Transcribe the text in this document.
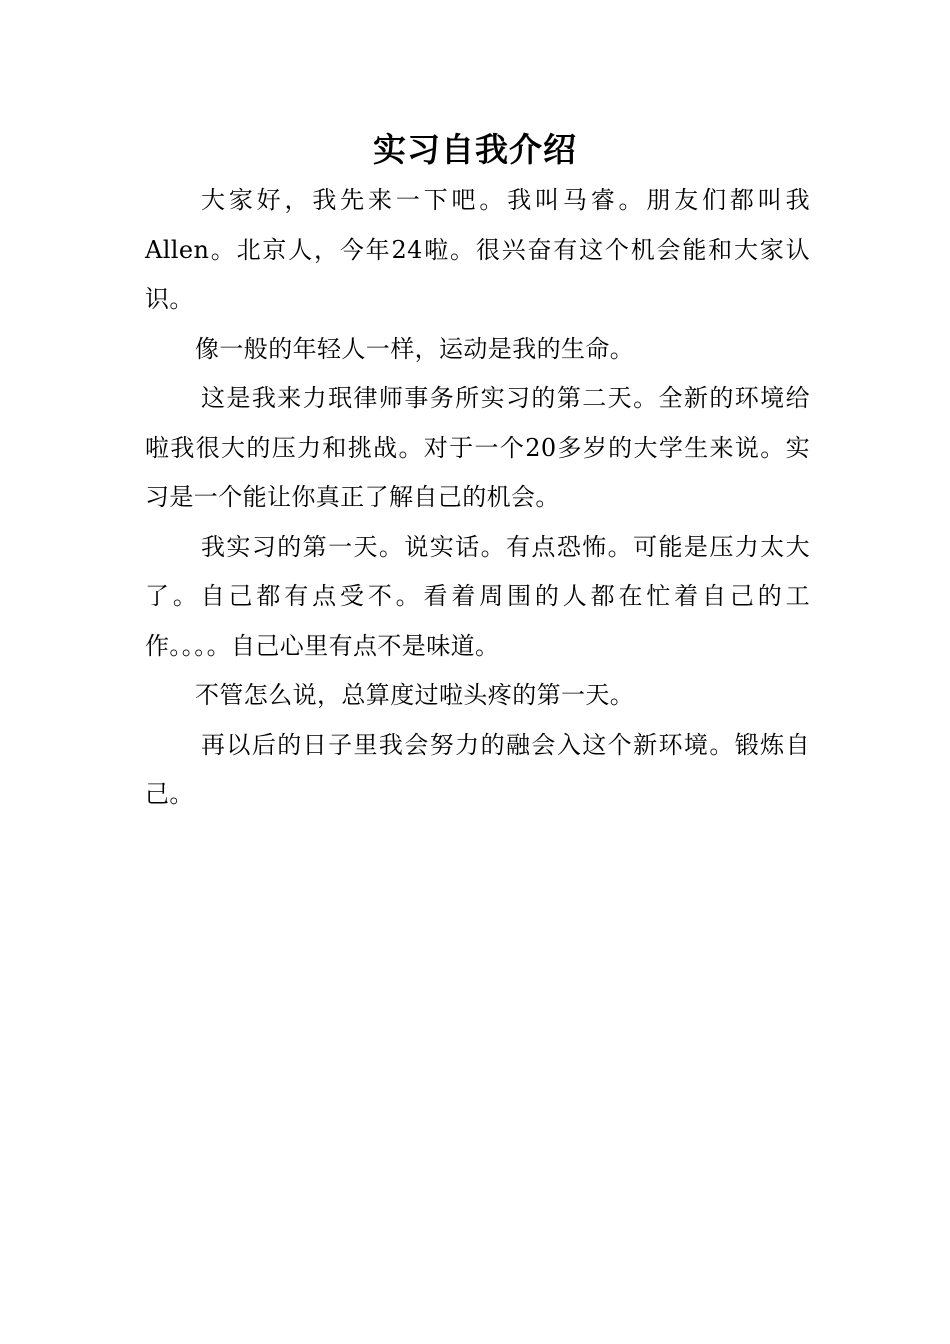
实习自我介绍

大家好，我先来一下吧。我叫马睿。朋友们都叫我Allen。北京人，今年24啦。很兴奋有这个机会能和大家认识。

像一般的年轻人一样，运动是我的生命。

这是我来力珉律师事务所实习的第二天。全新的环境给啦我很大的压力和挑战。对于一个20多岁的大学生来说。实习是一个能让你真正了解自己的机会。

我实习的第一天。说实话。有点恐怖。可能是压力太大了。自己都有点受不。看着周围的人都在忙着自己的工作。。。。自己心里有点不是味道。

不管怎么说，总算度过啦头疼的第一天。

再以后的日子里我会努力的融会入这个新环境。锻炼自己。
